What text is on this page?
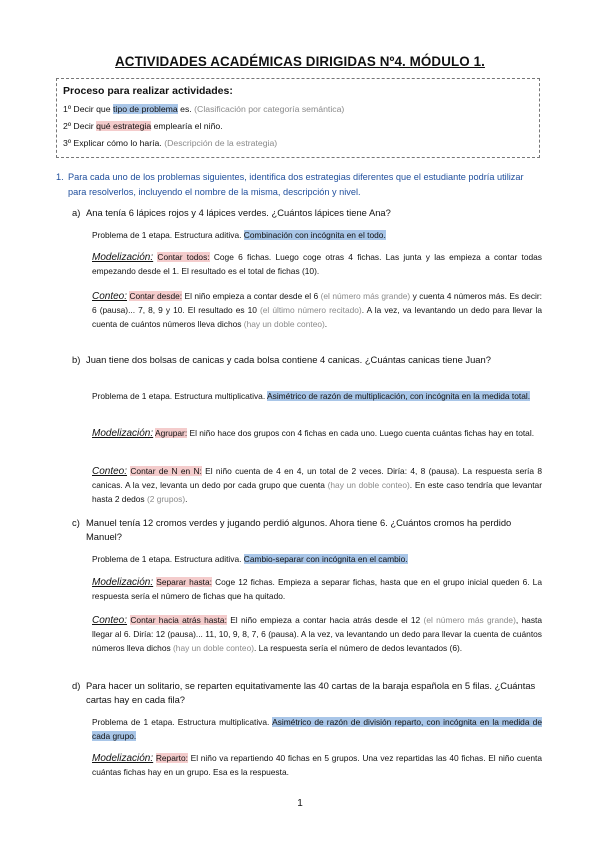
ACTIVIDADES ACADÉMICAS DIRIGIDAS Nº4. MÓDULO 1.
Proceso para realizar actividades:
1º Decir que tipo de problema es. (Clasificación por categoría semántica)
2º Decir qué estrategia emplearía el niño.
3º Explicar cómo lo haría. (Descripción de la estrategia)
1. Para cada uno de los problemas siguientes, identifica dos estrategias diferentes que el estudiante podría utilizar para resolverlos, incluyendo el nombre de la misma, descripción y nivel.
a) Ana tenía 6 lápices rojos y 4 lápices verdes. ¿Cuántos lápices tiene Ana?
Problema de 1 etapa. Estructura aditiva. Combinación con incógnita en el todo.
Modelización: Contar todos: Coge 6 fichas. Luego coge otras 4 fichas. Las junta y las empieza a contar todas empezando desde el 1. El resultado es el total de fichas (10).
Conteo: Contar desde: El niño empieza a contar desde el 6 (el número más grande) y cuenta 4 números más. Es decir: 6 (pausa)... 7, 8, 9 y 10. El resultado es 10 (el último número recitado). A la vez, va levantando un dedo para llevar la cuenta de cuántos números lleva dichos (hay un doble conteo).
b) Juan tiene dos bolsas de canicas y cada bolsa contiene 4 canicas. ¿Cuántas canicas tiene Juan?
Problema de 1 etapa. Estructura multiplicativa. Asimétrico de razón de multiplicación, con incógnita en la medida total.
Modelización: Agrupar: El niño hace dos grupos con 4 fichas en cada uno. Luego cuenta cuántas fichas hay en total.
Conteo: Contar de N en N: El niño cuenta de 4 en 4, un total de 2 veces. Diría: 4, 8 (pausa). La respuesta sería 8 canicas. A la vez, levanta un dedo por cada grupo que cuenta (hay un doble conteo). En este caso tendría que levantar hasta 2 dedos (2 grupos).
c) Manuel tenía 12 cromos verdes y jugando perdió algunos. Ahora tiene 6. ¿Cuántos cromos ha perdido Manuel?
Problema de 1 etapa. Estructura aditiva. Cambio-separar con incógnita en el cambio.
Modelización: Separar hasta: Coge 12 fichas. Empieza a separar fichas, hasta que en el grupo inicial queden 6. La respuesta sería el número de fichas que ha quitado.
Conteo: Contar hacia atrás hasta: El niño empieza a contar hacia atrás desde el 12 (el número más grande), hasta llegar al 6. Diría: 12 (pausa)... 11, 10, 9, 8, 7, 6 (pausa). A la vez, va levantando un dedo para llevar la cuenta de cuántos números lleva dichos (hay un doble conteo). La respuesta sería el número de dedos levantados (6).
d) Para hacer un solitario, se reparten equitativamente las 40 cartas de la baraja española en 5 filas. ¿Cuántas cartas hay en cada fila?
Problema de 1 etapa. Estructura multiplicativa. Asimétrico de razón de división reparto, con incógnita en la medida de cada grupo.
Modelización: Reparto: El niño va repartiendo 40 fichas en 5 grupos. Una vez repartidas las 40 fichas. El niño cuenta cuántas fichas hay en un grupo. Esa es la respuesta.
1
